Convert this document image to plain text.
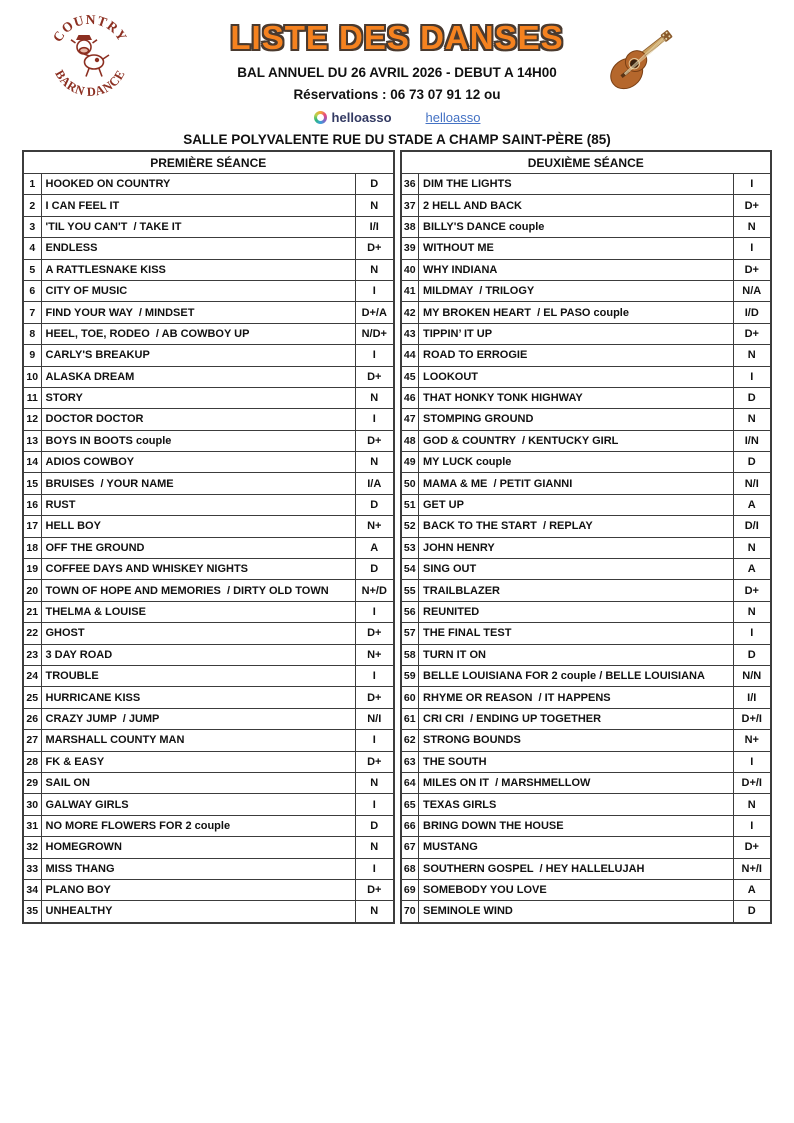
COUNTRY
BARN DANCE
LISTE DES DANSES
BAL ANNUEL DU 26 AVRIL 2026 - DEBUT A 14H00
Réservations : 06 73 07 91 12 ou
helloasso	helloasso
SALLE POLYVALENTE RUE DU STADE A CHAMP SAINT-PÈRE (85)
PREMIÈRE SÉANCE		
1	HOOKED ON COUNTRY	D
2	I CAN FEEL IT	N
3	'TIL YOU CAN'T  / TAKE IT	I/I
4	ENDLESS	D+
5	A RATTLESNAKE KISS	N
6	CITY OF MUSIC	I
7	FIND YOUR WAY  / MINDSET	D+/A
8	HEEL, TOE, RODEO  / AB COWBOY UP	N/D+
9	CARLY'S BREAKUP	I
10	ALASKA DREAM	D+
11	STORY	N
12	DOCTOR DOCTOR	I
13	BOYS IN BOOTS couple	D+
14	ADIOS COWBOY	N
15	BRUISES  / YOUR NAME	I/A
16	RUST	D
17	HELL BOY	N+
18	OFF THE GROUND	A
19	COFFEE DAYS AND WHISKEY NIGHTS	D
20	TOWN OF HOPE AND MEMORIES  / DIRTY OLD TOWN	N+/D
21	THELMA & LOUISE	I
22	GHOST	D+
23	3 DAY ROAD	N+
24	TROUBLE	I
25	HURRICANE KISS	D+
26	CRAZY JUMP  / JUMP	N/I
27	MARSHALL COUNTY MAN	I
28	FK & EASY	D+
29	SAIL ON	N
30	GALWAY GIRLS	I
31	NO MORE FLOWERS FOR 2 couple	D
32	HOMEGROWN	N
33	MISS THANG	I
34	PLANO BOY	D+
35	UNHEALTHY	N
DEUXIÈME SÉANCE		
36	DIM THE LIGHTS	I
37	2 HELL AND BACK	D+
38	BILLY'S DANCE couple	N
39	WITHOUT ME	I
40	WHY INDIANA	D+
41	MILDMAY  / TRILOGY	N/A
42	MY BROKEN HEART  / EL PASO couple	I/D
43	TIPPIN’ IT UP	D+
44	ROAD TO ERROGIE	N
45	LOOKOUT	I
46	THAT HONKY TONK HIGHWAY	D
47	STOMPING GROUND	N
48	GOD & COUNTRY  / KENTUCKY GIRL	I/N
49	MY LUCK couple	D
50	MAMA & ME  / PETIT GIANNI	N/I
51	GET UP	A
52	BACK TO THE START  / REPLAY	D/I
53	JOHN HENRY	N
54	SING OUT	A
55	TRAILBLAZER	D+
56	REUNITED	N
57	THE FINAL TEST	I
58	TURN IT ON	D
59	BELLE LOUISIANA FOR 2 couple / BELLE LOUISIANA	N/N
60	RHYME OR REASON  / IT HAPPENS	I/I
61	CRI CRI  / ENDING UP TOGETHER	D+/I
62	STRONG BOUNDS	N+
63	THE SOUTH	I
64	MILES ON IT  / MARSHMELLOW	D+/I
65	TEXAS GIRLS	N
66	BRING DOWN THE HOUSE	I
67	MUSTANG	D+
68	SOUTHERN GOSPEL  / HEY HALLELUJAH	N+/I
69	SOMEBODY YOU LOVE	A
70	SEMINOLE WIND	D
